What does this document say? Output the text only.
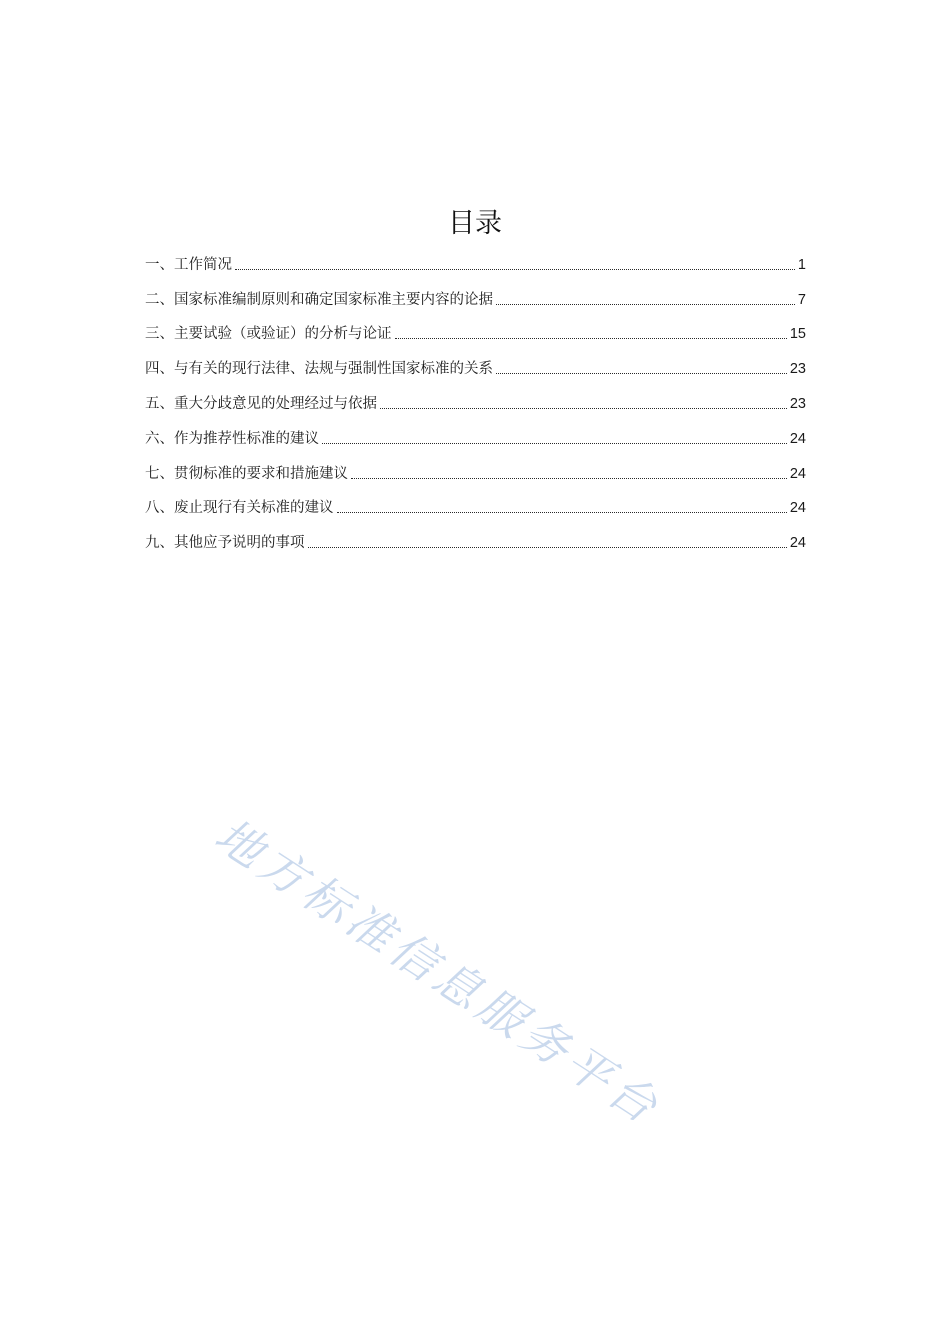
目录
一、工作简况	1
二、国家标准编制原则和确定国家标准主要内容的论据	7
三、主要试验（或验证）的分析与论证	15
四、与有关的现行法律、法规与强制性国家标准的关系	23
五、重大分歧意见的处理经过与依据	23
六、作为推荐性标准的建议	24
七、贯彻标准的要求和措施建议	24
八、废止现行有关标准的建议	24
九、其他应予说明的事项	24
地方标准信息服务平台
